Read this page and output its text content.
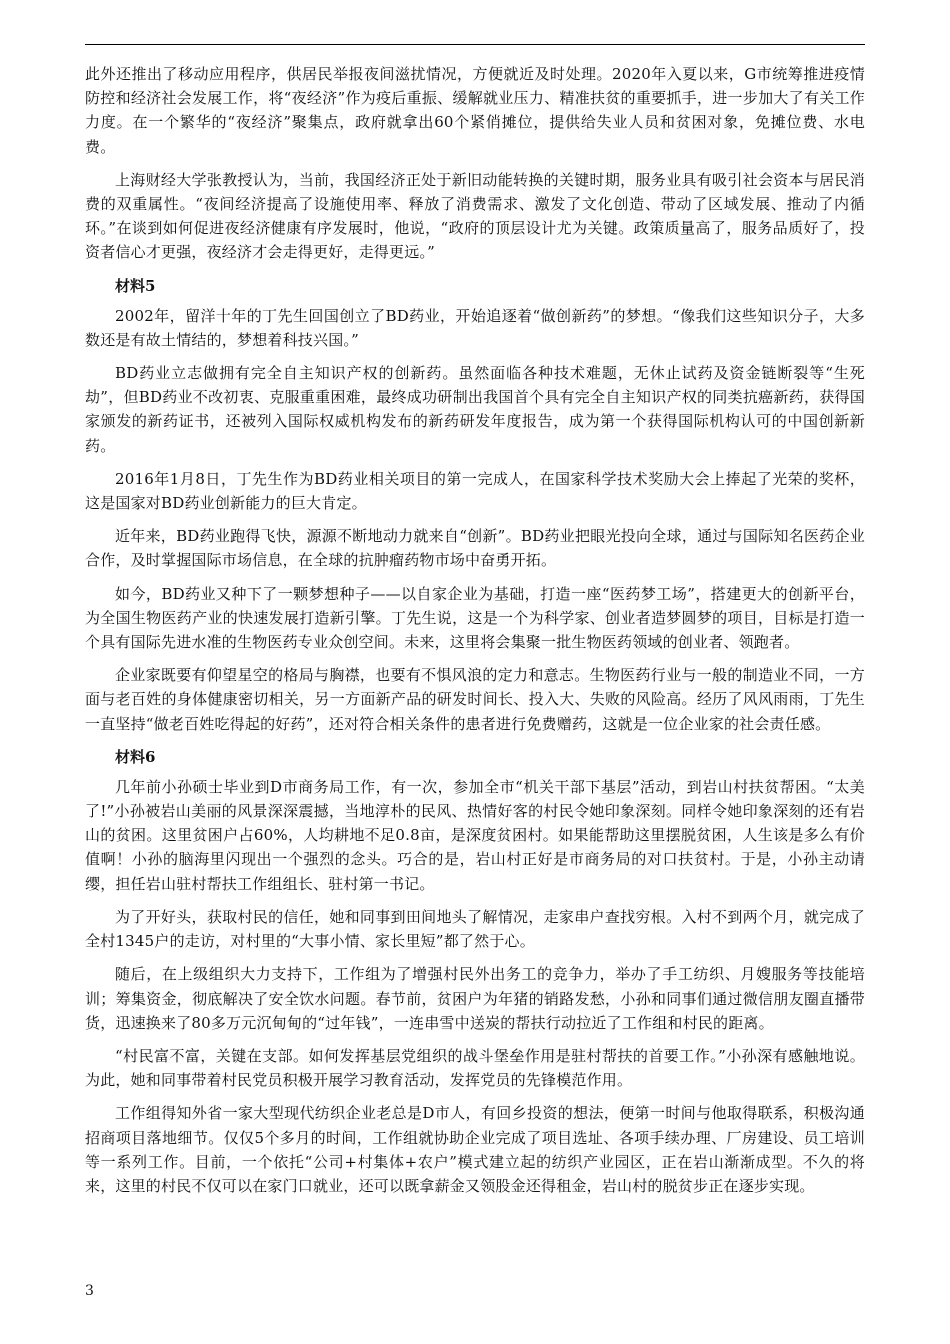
此外还推出了移动应用程序，供居民举报夜间滋扰情况，方便就近及时处理。2020年入夏以来，G市统筹推进疫情防控和经济社会发展工作，将“夜经济”作为疫后重振、缓解就业压力、精准扶贫的重要抓手，进一步加大了有关工作力度。在一个繁华的“夜经济”聚集点，政府就拿出60个紧俏摊位，提供给失业人员和贫困对象，免摊位费、水电费。

上海财经大学张教授认为，当前，我国经济正处于新旧动能转换的关键时期，服务业具有吸引社会资本与居民消费的双重属性。“夜间经济提高了设施使用率、释放了消费需求、激发了文化创造、带动了区域发展、推动了内循环。”在谈到如何促进夜经济健康有序发展时，他说，“政府的顶层设计尤为关键。政策质量高了，服务品质好了，投资者信心才更强，夜经济才会走得更好，走得更远。”

材料5

2002年，留洋十年的丁先生回国创立了BD药业，开始追逐着“做创新药”的梦想。“像我们这些知识分子，大多数还是有故土情结的，梦想着科技兴国。”

BD药业立志做拥有完全自主知识产权的创新药。虽然面临各种技术难题，无休止试药及资金链断裂等“生死劫”，但BD药业不改初衷、克服重重困难，最终成功研制出我国首个具有完全自主知识产权的同类抗癌新药，获得国家颁发的新药证书，还被列入国际权威机构发布的新药研发年度报告，成为第一个获得国际机构认可的中国创新新药。

2016年1月8日，丁先生作为BD药业相关项目的第一完成人，在国家科学技术奖励大会上捧起了光荣的奖杯，这是国家对BD药业创新能力的巨大肯定。

近年来，BD药业跑得飞快，源源不断地动力就来自“创新”。BD药业把眼光投向全球，通过与国际知名医药企业合作，及时掌握国际市场信息，在全球的抗肿瘤药物市场中奋勇开拓。

如今，BD药业又种下了一颗梦想种子——以自家企业为基础，打造一座“医药梦工场”，搭建更大的创新平台，为全国生物医药产业的快速发展打造新引擎。丁先生说，这是一个为科学家、创业者造梦圆梦的项目，目标是打造一个具有国际先进水准的生物医药专业众创空间。未来，这里将会集聚一批生物医药领域的创业者、领跑者。

企业家既要有仰望星空的格局与胸襟，也要有不惧风浪的定力和意志。生物医药行业与一般的制造业不同，一方面与老百姓的身体健康密切相关，另一方面新产品的研发时间长、投入大、失败的风险高。经历了风风雨雨，丁先生一直坚持“做老百姓吃得起的好药”，还对符合相关条件的患者进行免费赠药，这就是一位企业家的社会责任感。

材料6

几年前小孙硕士毕业到D市商务局工作，有一次，参加全市“机关干部下基层”活动，到岩山村扶贫帮困。“太美了!”小孙被岩山美丽的风景深深震撼，当地淳朴的民风、热情好客的村民令她印象深刻。同样令她印象深刻的还有岩山的贫困。这里贫困户占60%，人均耕地不足0.8亩，是深度贫困村。如果能帮助这里摆脱贫困，人生该是多么有价值啊！小孙的脑海里闪现出一个强烈的念头。巧合的是，岩山村正好是市商务局的对口扶贫村。于是，小孙主动请缨，担任岩山驻村帮扶工作组组长、驻村第一书记。

为了开好头，获取村民的信任，她和同事到田间地头了解情况，走家串户查找穷根。入村不到两个月，就完成了全村1345户的走访，对村里的“大事小情、家长里短”都了然于心。

随后，在上级组织大力支持下，工作组为了增强村民外出务工的竞争力，举办了手工纺织、月嫂服务等技能培训；筹集资金，彻底解决了安全饮水问题。春节前，贫困户为年猪的销路发愁，小孙和同事们通过微信朋友圈直播带货，迅速换来了80多万元沉甸甸的“过年钱”，一连串雪中送炭的帮扶行动拉近了工作组和村民的距离。

“村民富不富，关键在支部。如何发挥基层党组织的战斗堡垒作用是驻村帮扶的首要工作。”小孙深有感触地说。为此，她和同事带着村民党员积极开展学习教育活动，发挥党员的先锋模范作用。

工作组得知外省一家大型现代纺织企业老总是D市人，有回乡投资的想法，便第一时间与他取得联系，积极沟通招商项目落地细节。仅仅5个多月的时间，工作组就协助企业完成了项目选址、各项手续办理、厂房建设、员工培训等一系列工作。目前，一个依托“公司+村集体+农户”模式建立起的纺织产业园区，正在岩山渐渐成型。不久的将来，这里的村民不仅可以在家门口就业，还可以既拿薪金又领股金还得租金，岩山村的脱贫步正在逐步实现。

3
